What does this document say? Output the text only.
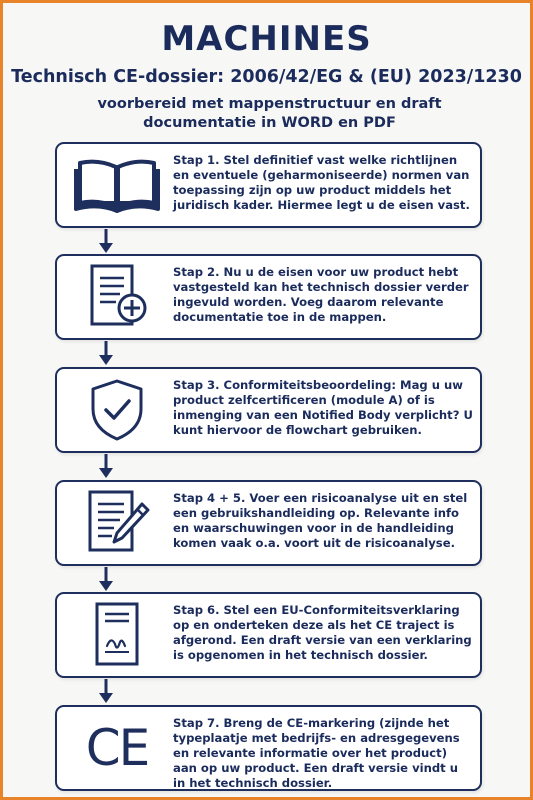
MACHINES
Technisch CE-dossier: 2006/42/EG & (EU) 2023/1230
voorbereid met mappenstructuur en draft documentatie in WORD en PDF
Stap 1. Stel definitief vast welke richtlijnen en eventuele (geharmoniseerde) normen van toepassing zijn op uw product middels het juridisch kader. Hiermee legt u de eisen vast.
Stap 2. Nu u de eisen voor uw product hebt vastgesteld kan het technisch dossier verder ingevuld worden. Voeg daarom relevante documentatie toe in de mappen.
Stap 3. Conformiteitsbeoordeling: Mag u uw product zelfcertificeren (module A) of is inmenging van een Notified Body verplicht? U kunt hiervoor de flowchart gebruiken.
Stap 4 + 5. Voer een risicoanalyse uit en stel een gebruikshandleiding op. Relevante info en waarschuwingen voor in de handleiding komen vaak o.a. voort uit de risicoanalyse.
Stap 6. Stel een EU-Conformiteitsverklaring op en onderteken deze als het CE traject is afgerond. Een draft versie van een verklaring is opgenomen in het technisch dossier.
CE Stap 7. Breng de CE-markering (zijnde het typeplaatje met bedrijfs- en adresgegevens en relevante informatie over het product) aan op uw product. Een draft versie vindt u in het technisch dossier.
